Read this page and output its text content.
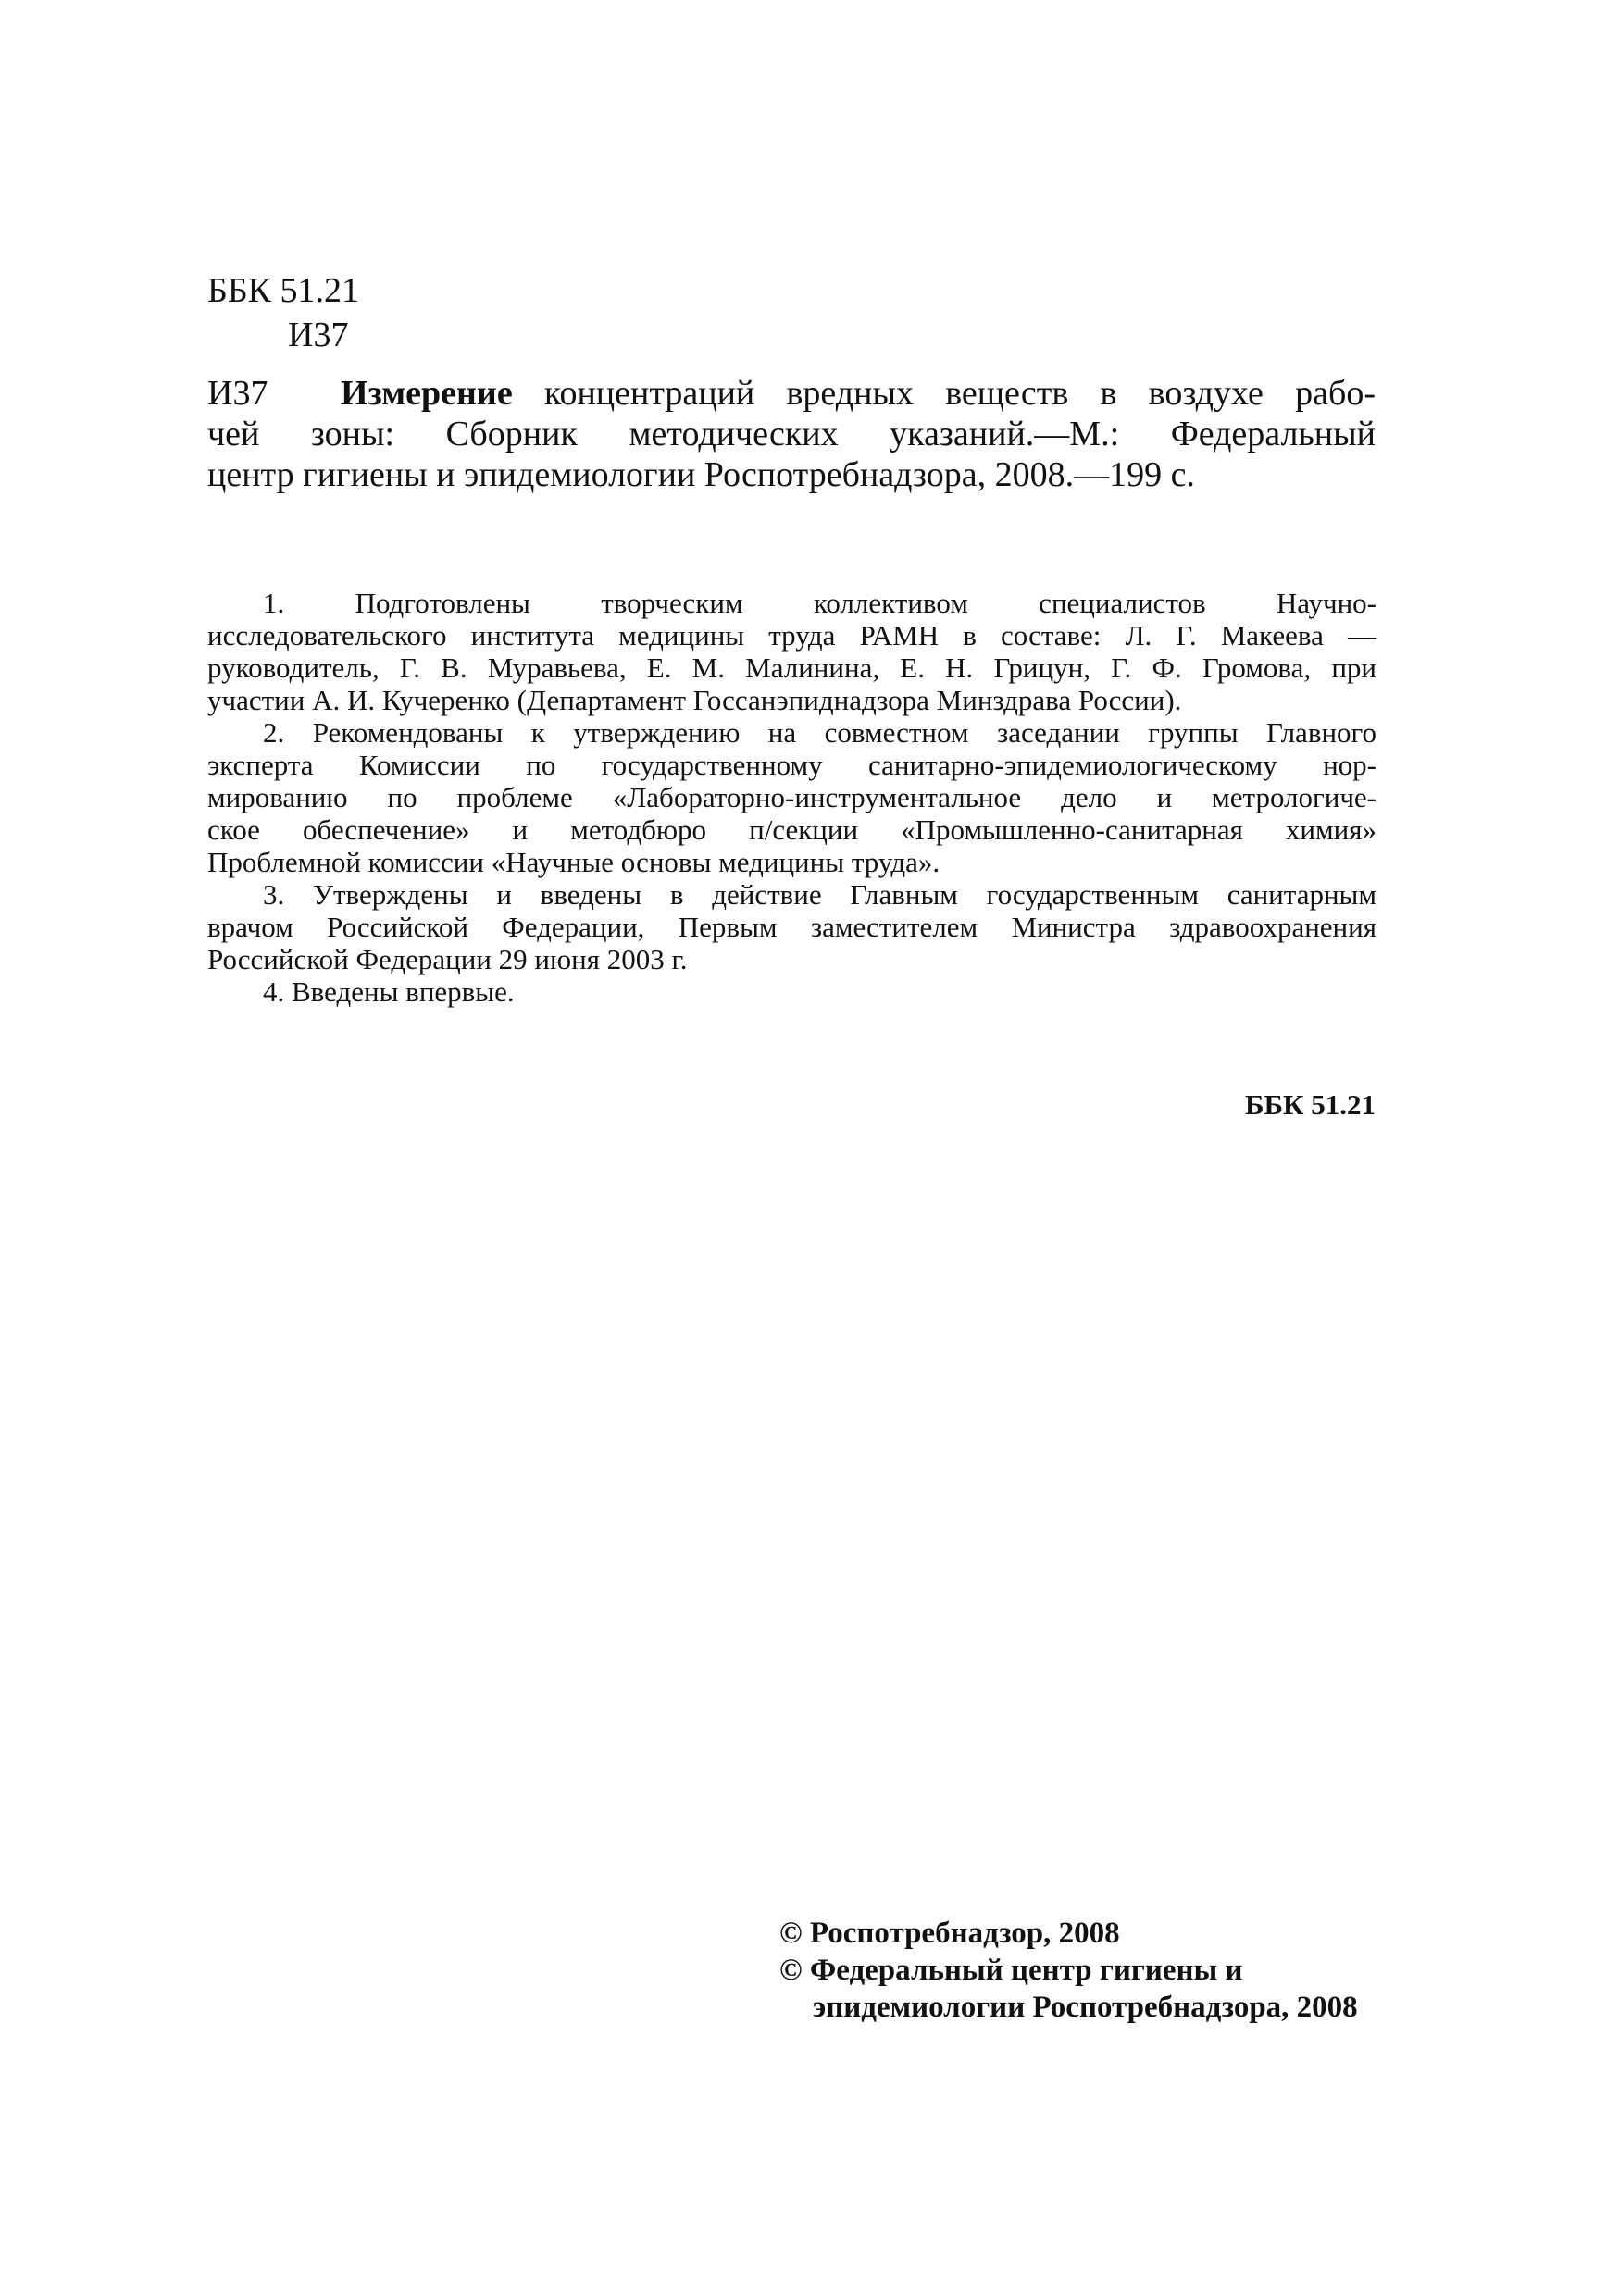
ББК 51.21
И37
И37 Измерение концентраций вредных веществ в воздухе рабо-
чей зоны: Сборник методических указаний.—М.: Федеральный
центр гигиены и эпидемиологии Роспотребнадзора, 2008.—199 с.
1. Подготовлены творческим коллективом специалистов Научно-
исследовательского института медицины труда РАМН в составе: Л. Г. Макеева —
руководитель, Г. В. Муравьева, Е. М. Малинина, Е. Н. Грицун, Г. Ф. Громова, при
участии А. И. Кучеренко (Департамент Госсанэпиднадзора Минздрава России).
2. Рекомендованы к утверждению на совместном заседании группы Главного
эксперта Комиссии по государственному санитарно-эпидемиологическому нор-
мированию по проблеме «Лабораторно-инструментальное дело и метрологиче-
ское обеспечение» и методбюро п/секции «Промышленно-санитарная химия»
Проблемной комиссии «Научные основы медицины труда».
3. Утверждены и введены в действие Главным государственным санитарным
врачом Российской Федерации, Первым заместителем Министра здравоохранения
Российской Федерации 29 июня 2003 г.
4. Введены впервые.
ББК 51.21
© Роспотребнадзор, 2008
© Федеральный центр гигиены и
эпидемиологии Роспотребнадзора, 2008
